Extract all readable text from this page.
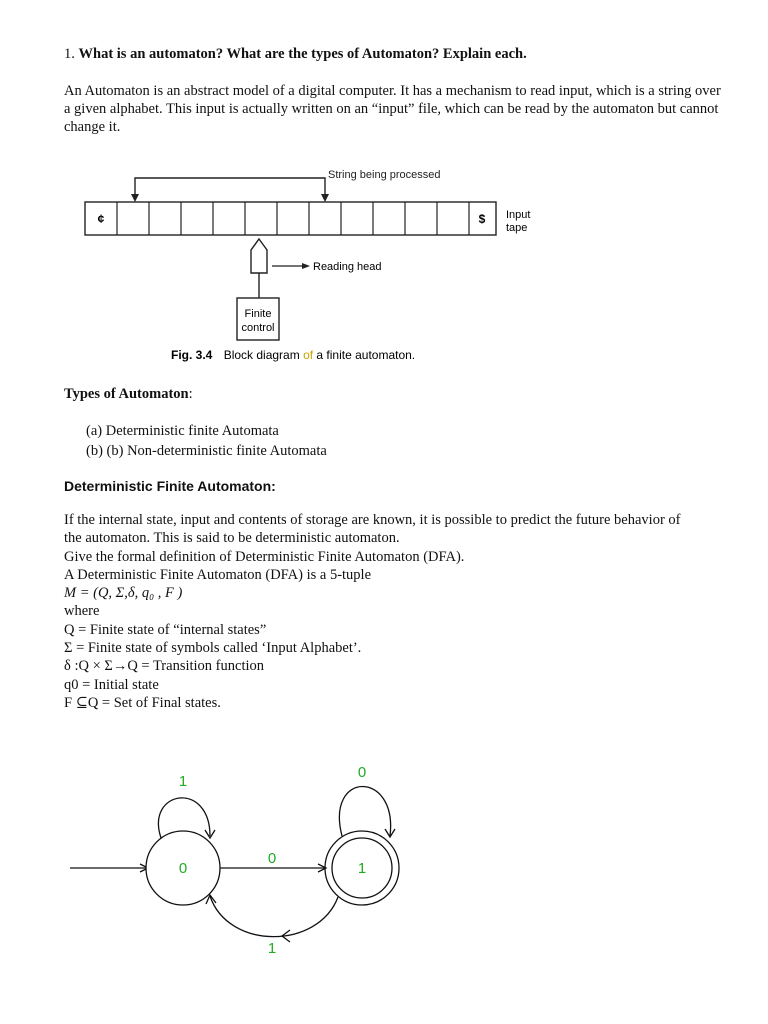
1. What is an automaton? What are the types of Automaton? Explain each.
An Automaton is an abstract model of a digital computer. It has a mechanism to read input, which is a string over a given alphabet. This input is actually written on an “input” file, which can be read by the automaton but cannot change it.
String being processed
¢	$ Input
tape
Reading head
Finite
control
Fig. 3.4 Block diagram of a finite automaton.
Types of Automaton:
(a) Deterministic finite Automata
(b) (b) Non-deterministic finite Automata
Deterministic Finite Automaton:
If the internal state, input and contents of storage are known, it is possible to predict the future behavior of
the automaton. This is said to be deterministic automaton.
Give the formal definition of Deterministic Finite Automaton (DFA).
A Deterministic Finite Automaton (DFA) is a 5-tuple
M = (Q, Σ,δ, q₀ , F )
where
Q = Finite state of “internal states”
Σ = Finite state of symbols called ‘Input Alphabet’.
δ :Q × Σ→Q = Transition function
q0 = Initial state
F ⊆Q = Set of Final states.
0
1
1
0
0
1
